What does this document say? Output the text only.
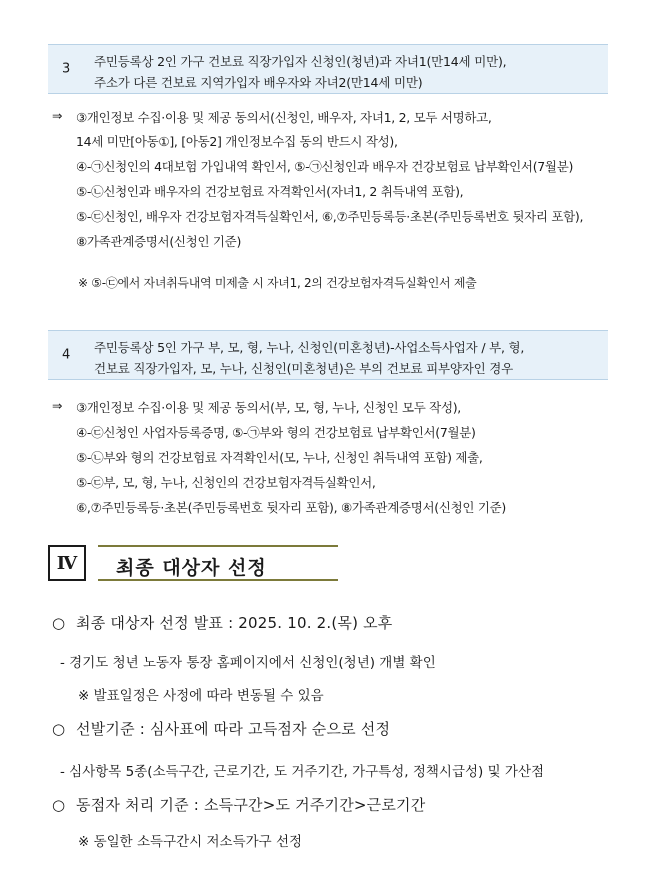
3 주민등록상 2인 가구 건보료 직장가입자 신청인(청년)과 자녀1(만14세 미만),
주소가 다른 건보료 지역가입자 배우자와 자녀2(만14세 미만)
⇒ ③개인정보 수집·이용 및 제공 동의서(신청인, 배우자, 자녀1, 2, 모두 서명하고,
14세 미만[아동①], [아동2] 개인정보수집 동의 반드시 작성),
④-㉠신청인의 4대보험 가입내역 확인서, ⑤-㉠신청인과 배우자 건강보험료 납부확인서(7월분)
⑤-㉡신청인과 배우자의 건강보험료 자격확인서(자녀1, 2 취득내역 포함),
⑤-㉢신청인, 배우자 건강보험자격득실확인서, ⑥,⑦주민등록등·초본(주민등록번호 뒷자리 포함),
⑧가족관계증명서(신청인 기준)
※ ⑤-㉢에서 자녀취득내역 미제출 시 자녀1, 2의 건강보험자격득실확인서 제출
4 주민등록상 5인 가구 부, 모, 형, 누나, 신청인(미혼청년)-사업소득사업자 / 부, 형,
건보료 직장가입자, 모, 누나, 신청인(미혼청년)은 부의 건보료 피부양자인 경우
⇒ ③개인정보 수집·이용 및 제공 동의서(부, 모, 형, 누나, 신청인 모두 작성),
④-㉢신청인 사업자등록증명, ⑤-㉠부와 형의 건강보험료 납부확인서(7월분)
⑤-㉡부와 형의 건강보험료 자격확인서(모, 누나, 신청인 취득내역 포함) 제출,
⑤-㉢부, 모, 형, 누나, 신청인의 건강보험자격득실확인서,
⑥,⑦주민등록등·초본(주민등록번호 뒷자리 포함), ⑧가족관계증명서(신청인 기준)
Ⅳ	최종 대상자 선정
○ 최종 대상자 선정 발표 : 2025. 10. 2.(목) 오후
- 경기도 청년 노동자 통장 홈페이지에서 신청인(청년) 개별 확인
※ 발표일정은 사정에 따라 변동될 수 있음
○ 선발기준 : 심사표에 따라 고득점자 순으로 선정
- 심사항목 5종(소득구간, 근로기간, 도 거주기간, 가구특성, 정책시급성) 및 가산점
○ 동점자 처리 기준 : 소득구간>도 거주기간>근로기간
※ 동일한 소득구간시 저소득가구 선정
